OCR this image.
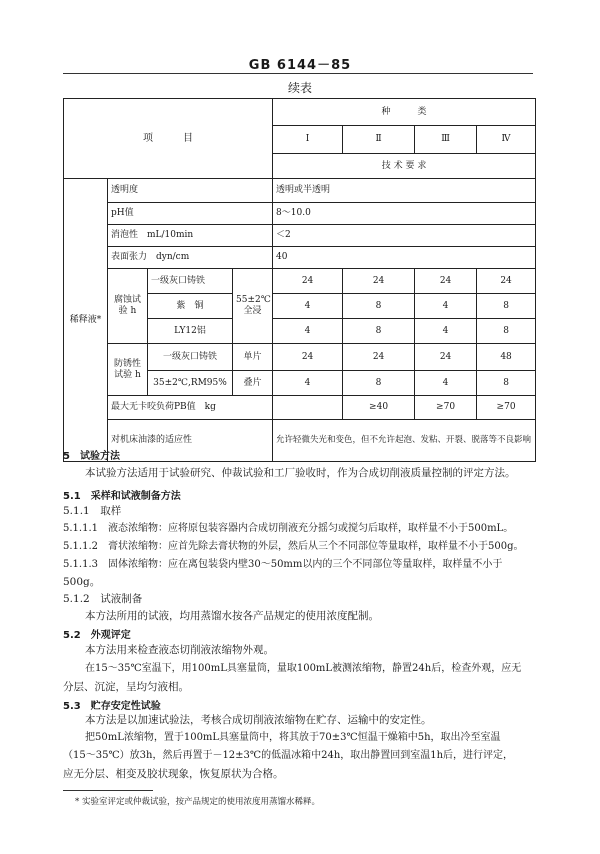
GB 6144－85
续表
项　　　目				种　　　类			
				Ⅰ	Ⅱ	Ⅲ	Ⅳ
				技 术 要 求			
稀释液*	透明度			透明或半透明			
	pH值			8～10.0			
	消泡性　mL/10min			＜2			
	表面张力　dyn/cm			40			
	腐蚀试验 h	一级灰口铸铁	55±2℃全浸	24	24	24	24
		紫　铜		4	8	4	8
		LY12铝		4	8	4	8
	防锈性试验 h	一级灰口铸铁	单片	24	24	24	48
		35±2℃,RM95%	叠片	4	8	4	8
	最大无卡咬负荷PB值　kg				≥40	≥70	≥70
	对机床油漆的适应性			允许轻微失光和变色，但不允许起泡、发粘、开裂、脱落等不良影响			
5　试验方法
本试验方法适用于试验研究、仲裁试验和工厂验收时，作为合成切削液质量控制的评定方法。
5.1　采样和试液制备方法
5.1.1　取样
5.1.1.1　液态浓缩物：应将原包装容器内合成切削液充分摇匀或搅匀后取样，取样量不小于500mL。
5.1.1.2　膏状浓缩物：应首先除去膏状物的外层，然后从三个不同部位等量取样，取样量不小于500g。
5.1.1.3　固体浓缩物：应在离包装袋内壁30～50mm以内的三个不同部位等量取样，取样量不小于
500g。
5.1.2　试液制备
本方法所用的试液，均用蒸馏水按各产品规定的使用浓度配制。
5.2　外观评定
本方法用来检查液态切削液浓缩物外观。
在15～35℃室温下，用100mL具塞量筒，量取100mL被测浓缩物，静置24h后，检查外观，应无
分层、沉淀，呈均匀液相。
5.3　贮存安定性试验
本方法是以加速试验法，考核合成切削液浓缩物在贮存、运输中的安定性。
把50mL浓缩物，置于100mL具塞量筒中，将其放于70±3℃恒温干燥箱中5h，取出冷至室温
（15～35℃）放3h，然后再置于－12±3℃的低温冰箱中24h，取出静置回到室温1h后，进行评定，
应无分层、相变及胶状现象，恢复原状为合格。
* 实验室评定或仲裁试验，按产品规定的使用浓度用蒸馏水稀释。
